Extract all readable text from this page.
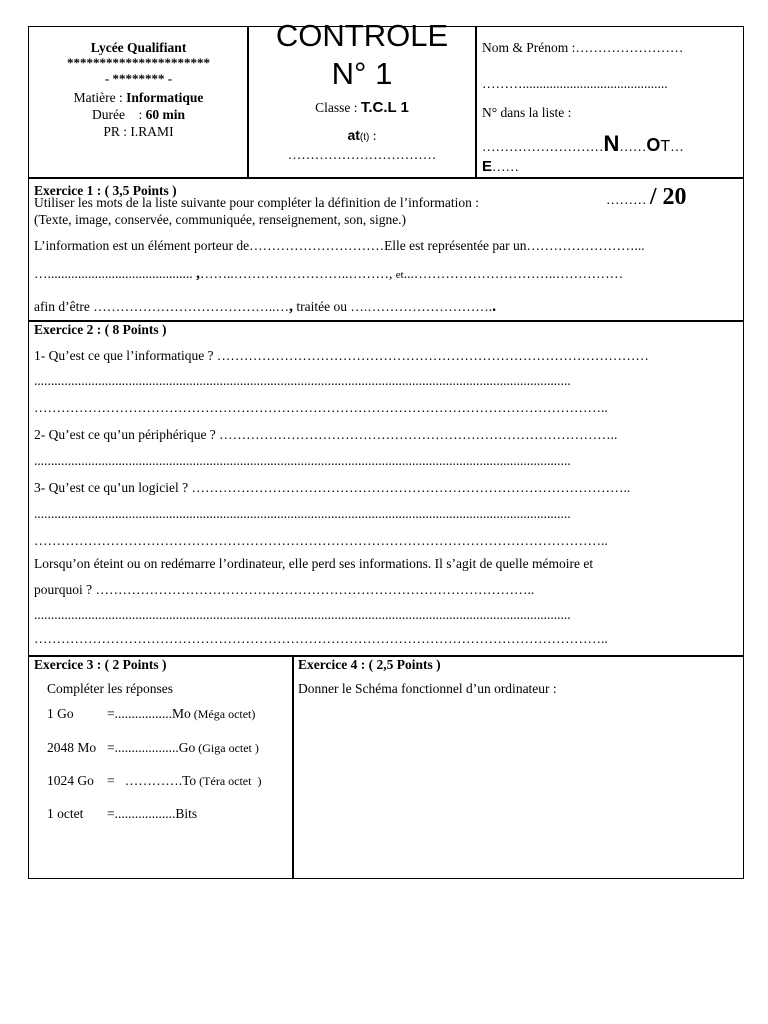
Lycée Qualifiant
**********************
- ******** -
Matière : Informatique
Durée    : 60 min
PR : I.RAMI
CONTROLE
N° 1
Classe : T.C.L 1
at(t) :
……………………………
Nom & Prénom :……………………
………...........................................
N° dans la liste :
………………………N……OT…
E……
Exercice 1 : ( 3,5 Points )
Utiliser les mots de la liste suivante pour compléter la définition de l’information :
(Texte, image, conservée, communiquée, renseignement, son, signe.)
……… / 20
L’information est un élément porteur de…………………………Elle est représentée par un……………………...
…........................................... ,……..……………………..………, et...…………………………..……………
afin d’être …………………………………..…, traitée ou ….………………………..
Exercice 2 : ( 8 Points )
1- Qu’est ce que l’informatique ? ……………………………………………………………………………………
...............................................................................................................................................................
………………………………………………………………………………………………………………..
2- Qu’est ce qu’un périphérique ? ……………………………………………………………………………..
...............................................................................................................................................................
3- Qu’est ce qu’un logiciel ? ……………………………………………………………………………………..
...............................................................................................................................................................
………………………………………………………………………………………………………………..
Lorsqu’on éteint ou on redémarre l’ordinateur, elle perd ses informations. Il s’agit de quelle mémoire et
pourquoi ? ……………………………………………………………………………………..
...............................................................................................................................................................
………………………………………………………………………………………………………………..
Exercice 3 : ( 2 Points )
Compléter les réponses
1 Go =.................Mo (Méga octet)
2048 Mo =...................Go (Giga octet )
1024 Go =   ………….To (Téra octet  )
1 octet =..................Bits
Exercice 4 : ( 2,5 Points )
Donner le Schéma fonctionnel d’un ordinateur :
